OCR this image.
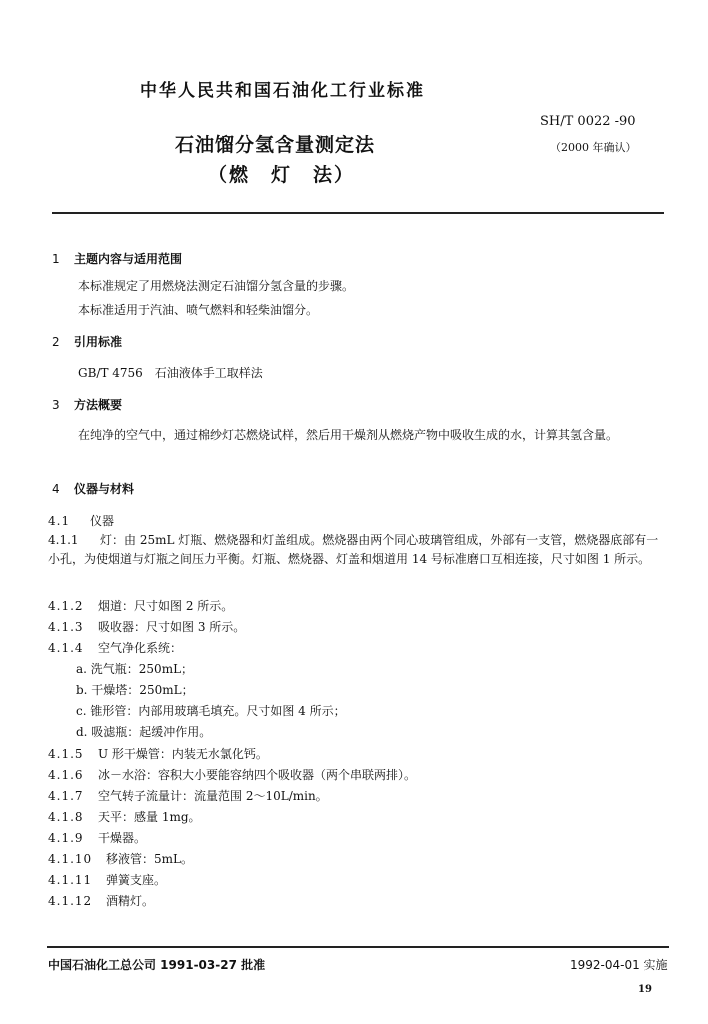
中华人民共和国石油化工行业标准
石油馏分氢含量测定法
（燃　灯　法）
SH/T 0022 -90
（2000 年确认）
1 主题内容与适用范围
本标准规定了用燃烧法测定石油馏分氢含量的步骤。
本标准适用于汽油、喷气燃料和轻柴油馏分。
2 引用标准
GB/T 4756　石油液体手工取样法
3 方法概要
在纯净的空气中，通过棉纱灯芯燃烧试样，然后用干燥剂从燃烧产物中吸收生成的水，计算其氢含量。
4 仪器与材料
4.1 仪器
4.1.1 灯：由 25mL 灯瓶、燃烧器和灯盖组成。燃烧器由两个同心玻璃管组成，外部有一支管，燃烧器底部有一小孔，为使烟道与灯瓶之间压力平衡。灯瓶、燃烧器、灯盖和烟道用 14 号标准磨口互相连接，尺寸如图 1 所示。
4.1.2 烟道：尺寸如图 2 所示。
4.1.3 吸收器：尺寸如图 3 所示。
4.1.4 空气净化系统：
a. 洗气瓶：250mL；
b. 干燥塔：250mL；
c. 锥形管：内部用玻璃毛填充。尺寸如图 4 所示；
d. 吸滤瓶：起缓冲作用。
4.1.5 U 形干燥管：内装无水氯化钙。
4.1.6 冰－水浴：容积大小要能容纳四个吸收器（两个串联两排）。
4.1.7 空气转子流量计：流量范围 2～10L/min。
4.1.8 天平：感量 1mg。
4.1.9 干燥器。
4.1.10 移液管：5mL。
4.1.11 弹簧支座。
4.1.12 酒精灯。
中国石油化工总公司 1991-03-27 批准	1992-04-01 实施
19
